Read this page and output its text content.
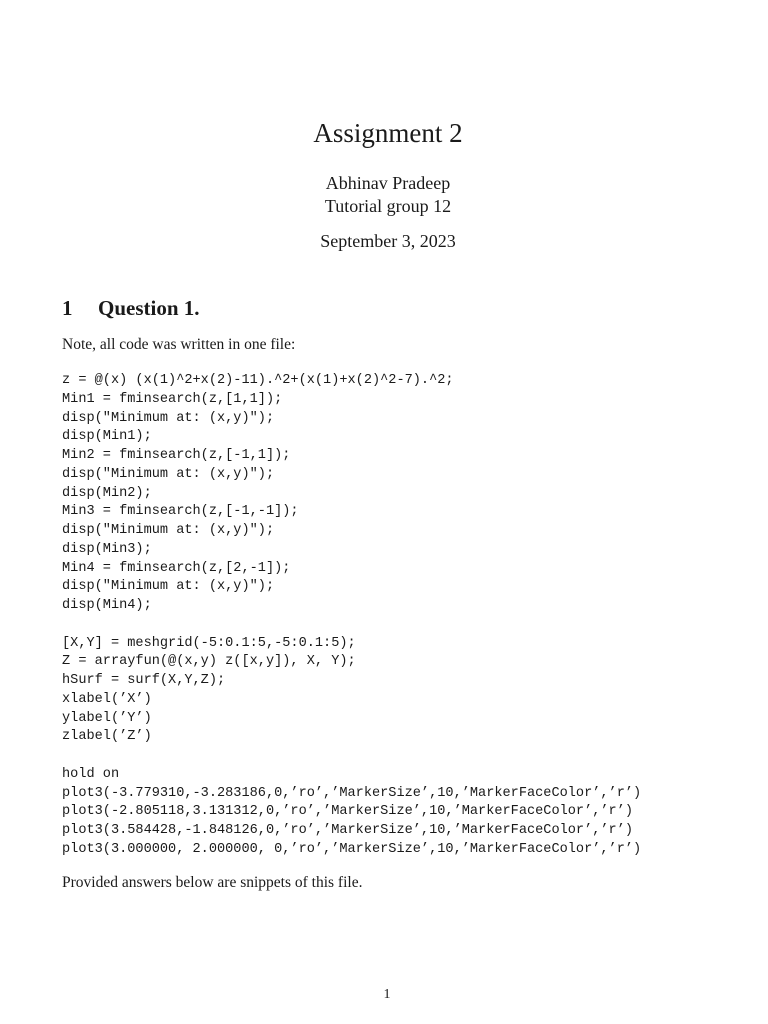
Assignment 2
Abhinav Pradeep
Tutorial group 12
September 3, 2023
1 Question 1.

Note, all code was written in one file:

z = @(x) (x(1)^2+x(2)-11).^2+(x(1)+x(2)^2-7).^2;
Min1 = fminsearch(z,[1,1]);
disp("Minimum at: (x,y)");
disp(Min1);
Min2 = fminsearch(z,[-1,1]);
disp("Minimum at: (x,y)");
disp(Min2);
Min3 = fminsearch(z,[-1,-1]);
disp("Minimum at: (x,y)");
disp(Min3);
Min4 = fminsearch(z,[2,-1]);
disp("Minimum at: (x,y)");
disp(Min4);
[X,Y] = meshgrid(-5:0.1:5,-5:0.1:5);
Z = arrayfun(@(x,y) z([x,y]), X, Y);
hSurf = surf(X,Y,Z);
xlabel(’X’)
ylabel(’Y’)
zlabel(’Z’)
hold on
plot3(-3.779310,-3.283186,0,’ro’,’MarkerSize’,10,’MarkerFaceColor’,’r’)
plot3(-2.805118,3.131312,0,’ro’,’MarkerSize’,10,’MarkerFaceColor’,’r’)
plot3(3.584428,-1.848126,0,’ro’,’MarkerSize’,10,’MarkerFaceColor’,’r’)
plot3(3.000000, 2.000000, 0,’ro’,’MarkerSize’,10,’MarkerFaceColor’,’r’)

Provided answers below are snippets of this file.

1
